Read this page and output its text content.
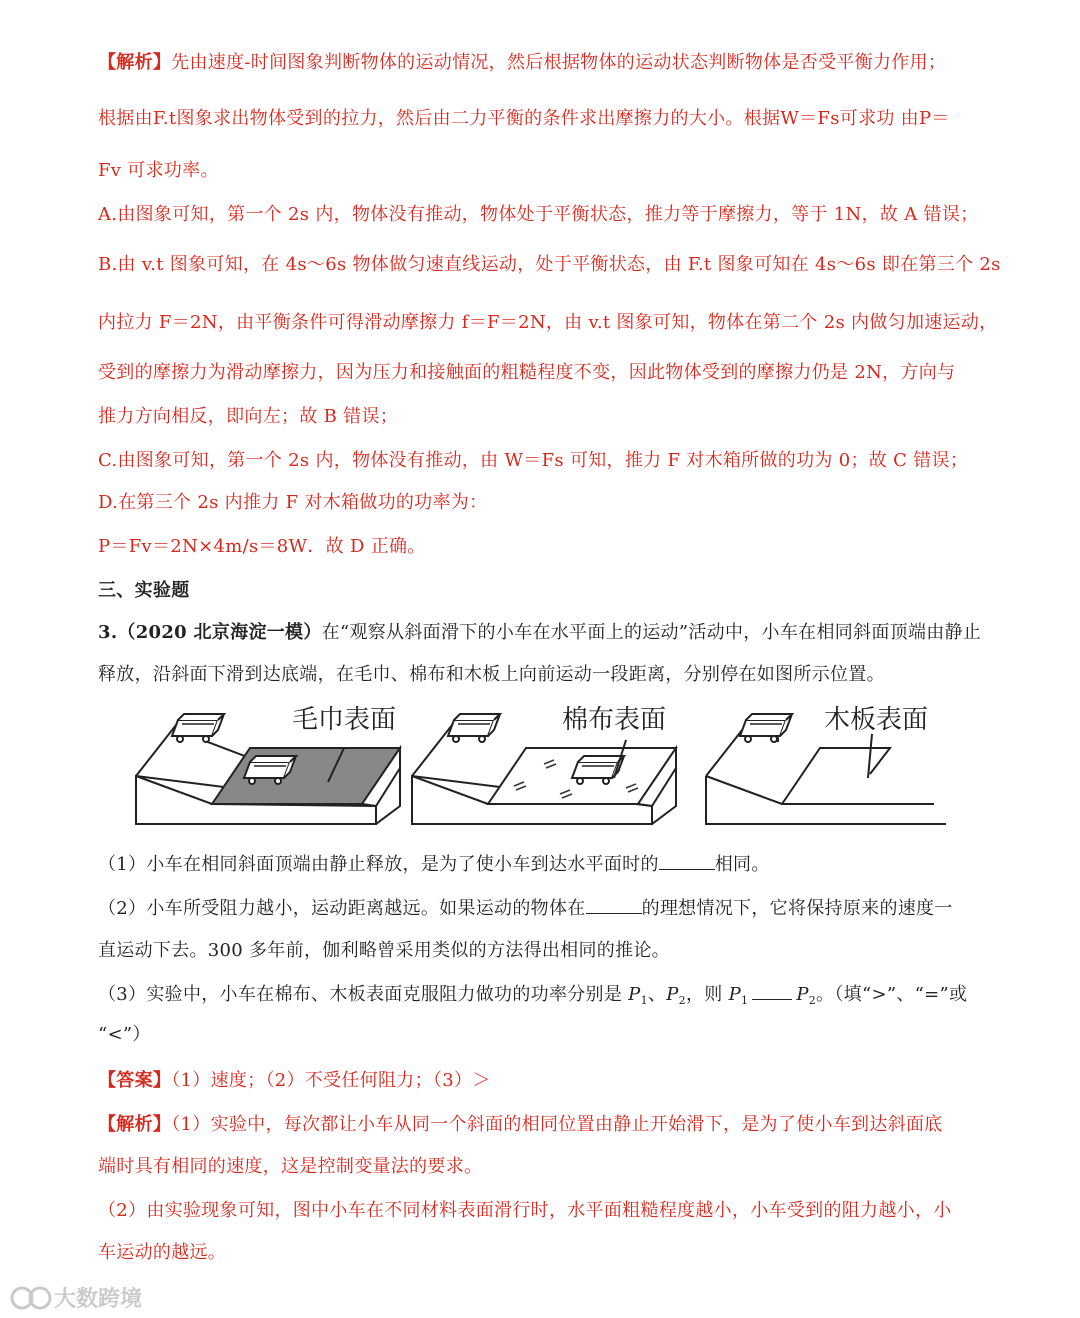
【解析】先由速度-时间图象判断物体的运动情况，然后根据物体的运动状态判断物体是否受平衡力作用；
根据由F.t图象求出物体受到的拉力，然后由二力平衡的条件求出摩擦力的大小。根据W＝Fs可求功 由P＝
Fv 可求功率。
A.由图象可知，第一个 2s 内，物体没有推动，物体处于平衡状态，推力等于摩擦力，等于 1N，故 A 错误；
B.由 v.t 图象可知，在 4s～6s 物体做匀速直线运动，处于平衡状态，由 F.t 图象可知在 4s～6s 即在第三个 2s
内拉力 F＝2N，由平衡条件可得滑动摩擦力 f＝F＝2N，由 v.t 图象可知，物体在第二个 2s 内做匀加速运动，
受到的摩擦力为滑动摩擦力，因为压力和接触面的粗糙程度不变，因此物体受到的摩擦力仍是 2N，方向与
推力方向相反，即向左；故 B 错误；
C.由图象可知，第一个 2s 内，物体没有推动，由 W＝Fs 可知，推力 F 对木箱所做的功为 0；故 C 错误；
D.在第三个 2s 内推力 F 对木箱做功的功率为：
P＝Fv＝2N×4m/s＝8W．故 D 正确。
三、实验题
3.（2020 北京海淀一模）在“观察从斜面滑下的小车在水平面上的运动”活动中，小车在相同斜面顶端由静止
释放，沿斜面下滑到达底端，在毛巾、棉布和木板上向前运动一段距离，分别停在如图所示位置。
毛巾表面	棉布表面	木板表面
（1）小车在相同斜面顶端由静止释放，是为了使小车到达水平面时的	相同。
（2）小车所受阻力越小，运动距离越远。如果运动的物体在	的理想情况下，它将保持原来的速度一
直运动下去。300 多年前，伽利略曾采用类似的方法得出相同的推论。
（3）实验中，小车在棉布、木板表面克服阻力做功的功率分别是 $P_1$、$P_2$，则 $P_1$	$P_2$。（填“>”、“=”或
“<”）
【答案】（1）速度；（2）不受任何阻力；（3）＞
【解析】（1）实验中，每次都让小车从同一个斜面的相同位置由静止开始滑下，是为了使小车到达斜面底
端时具有相同的速度，这是控制变量法的要求。
（2）由实验现象可知，图中小车在不同材料表面滑行时，水平面粗糙程度越小，小车受到的阻力越小，小
车运动的越远。
大数跨境
